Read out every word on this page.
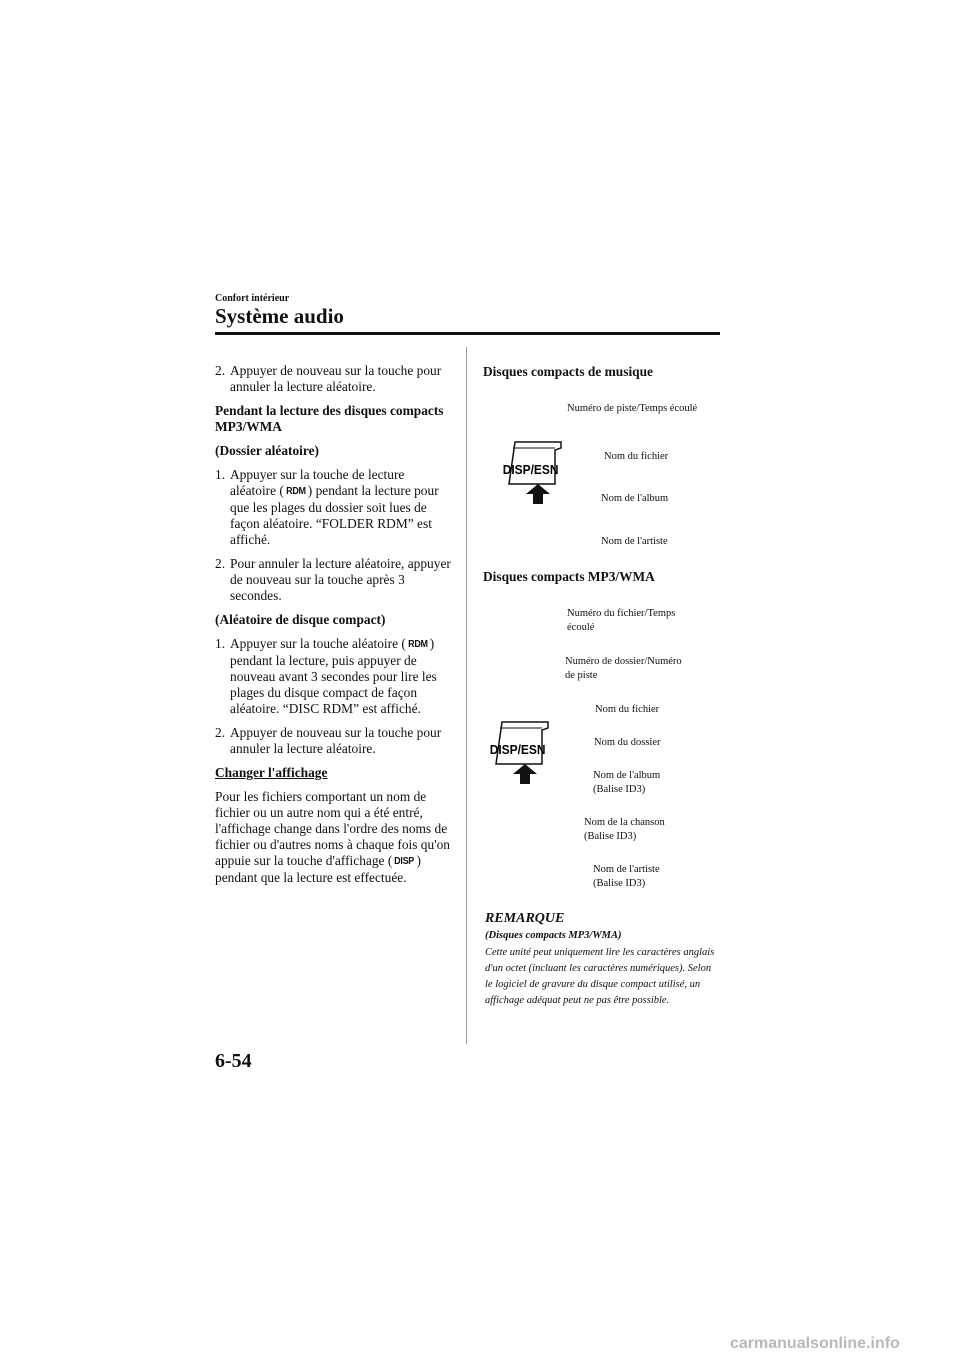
Confort intérieur
Système audio
2. Appuyer de nouveau sur la touche pour annuler la lecture aléatoire.

Pendant la lecture des disques compacts MP3/WMA

(Dossier aléatoire)

1. Appuyer sur la touche de lecture aléatoire ( RDM ) pendant la lecture pour que les plages du dossier soit lues de façon aléatoire. “FOLDER RDM” est affiché.
2. Pour annuler la lecture aléatoire, appuyer de nouveau sur la touche après 3 secondes.

(Aléatoire de disque compact)

1. Appuyer sur la touche aléatoire ( RDM ) pendant la lecture, puis appuyer de nouveau avant 3 secondes pour lire les plages du disque compact de façon aléatoire. “DISC RDM” est affiché.
2. Appuyer de nouveau sur la touche pour annuler la lecture aléatoire.

Changer l'affichage

Pour les fichiers comportant un nom de fichier ou un autre nom qui a été entré, l'affichage change dans l'ordre des noms de fichier ou d'autres noms à chaque fois qu'on appuie sur la touche d'affichage ( DISP ) pendant que la lecture est effectuée.

Disques compacts de musique
Numéro de piste/Temps écoulé
Nom du fichier
Nom de l'album
Nom de l'artiste
DISP/ESN
Disques compacts MP3/WMA
Numéro du fichier/Temps
écoulé
Numéro de dossier/Numéro
de piste
Nom du fichier
Nom du dossier
Nom de l'album
(Balise ID3)
Nom de la chanson
(Balise ID3)
Nom de l'artiste
(Balise ID3)
DISP/ESN
REMARQUE
(Disques compacts MP3/WMA)
Cette unité peut uniquement lire les caractères anglais d'un octet (incluant les caractères numériques). Selon le logiciel de gravure du disque compact utilisé, un affichage adéquat peut ne pas être possible.
6-54
carmanualsonline.info
